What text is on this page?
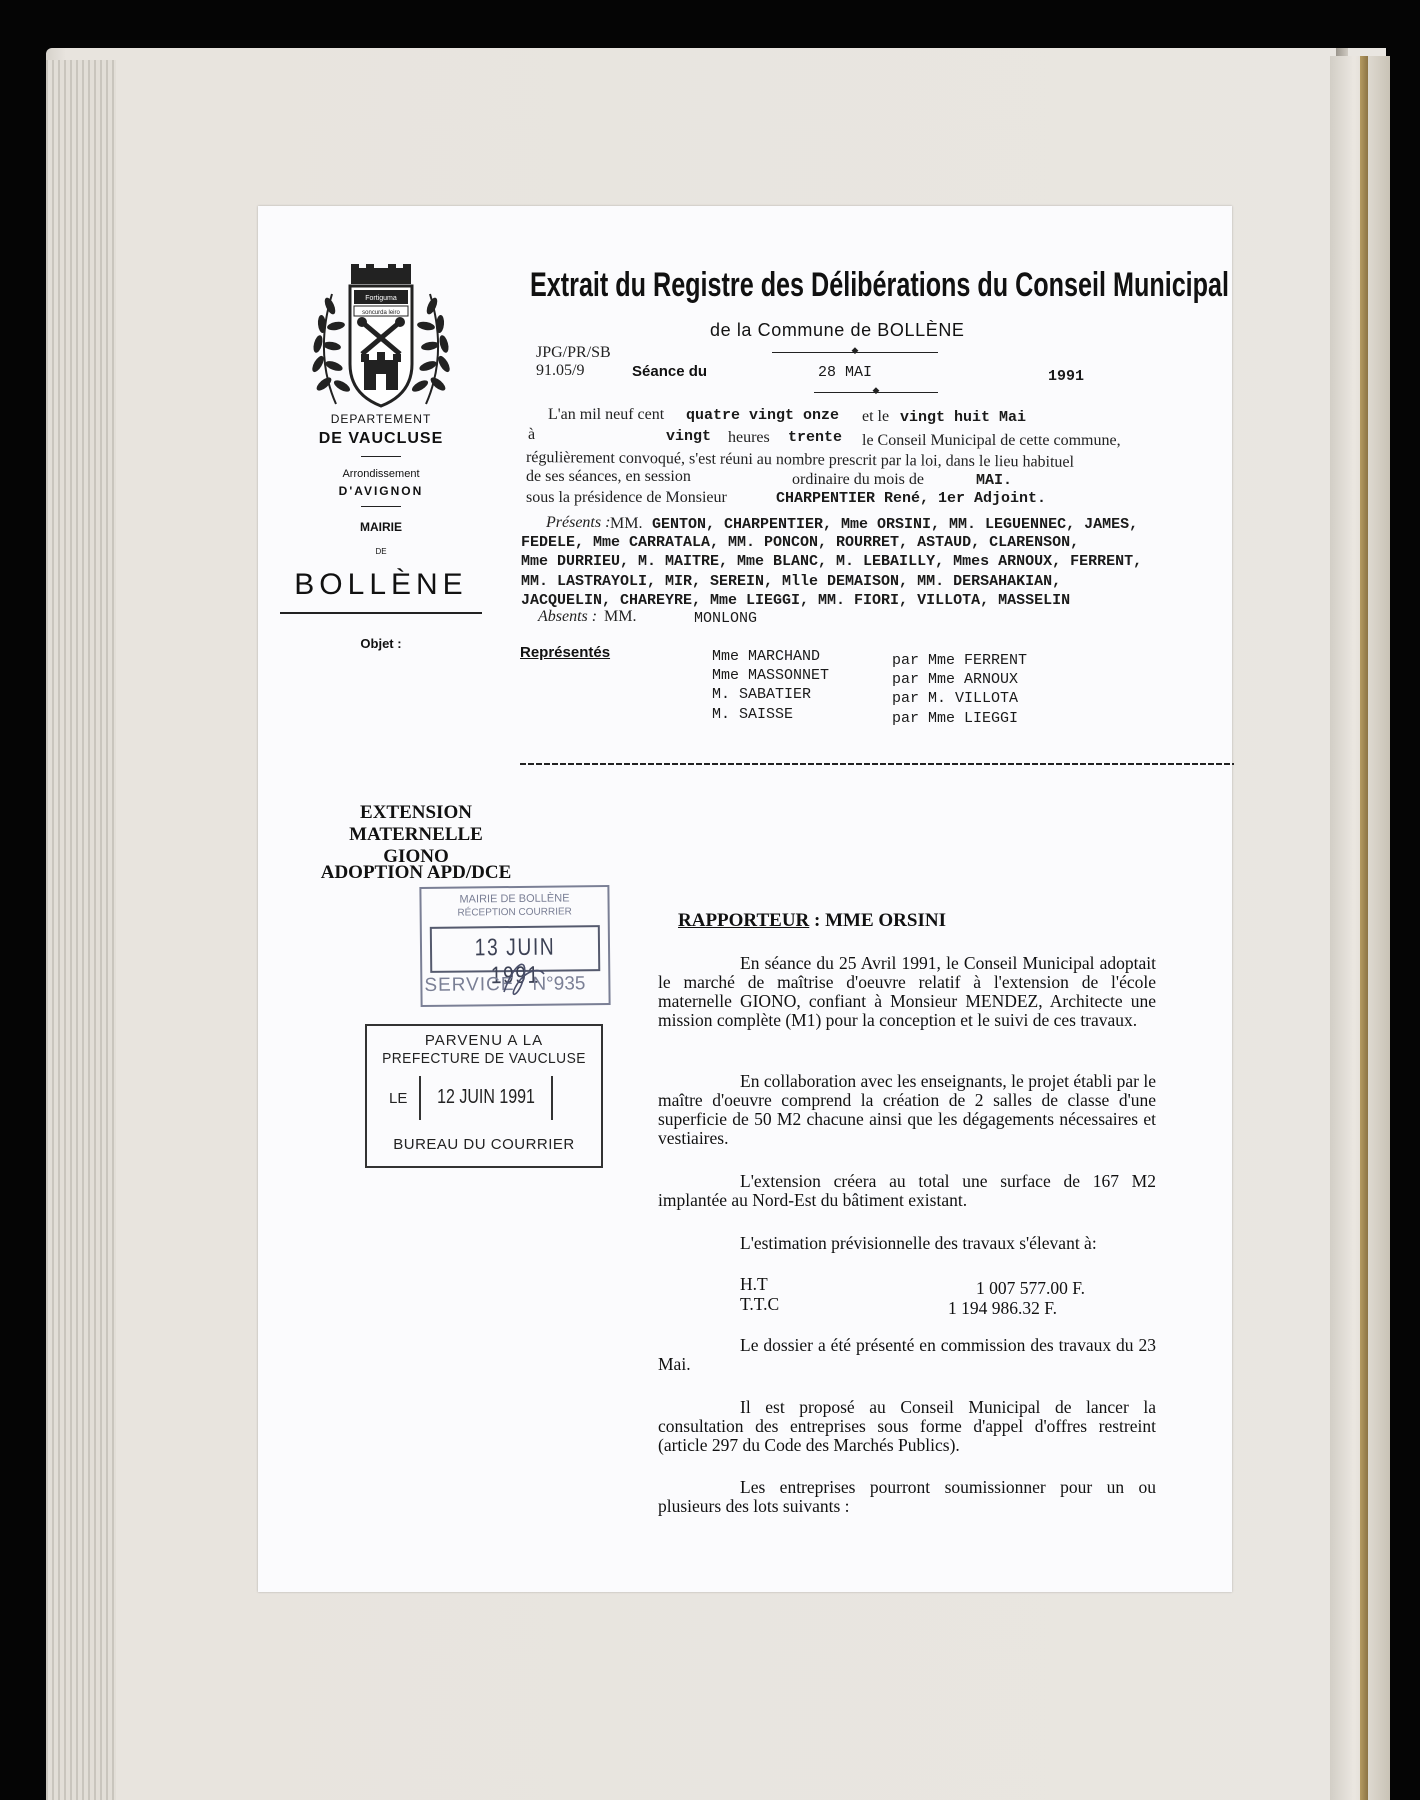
Fortiguma
soncurda leiro
DEPARTEMENT
DE VAUCLUSE
Arrondissement
D'AVIGNON
MAIRIE
DE
BOLLÈNE
Objet :
Extrait du Registre des Délibérations du Conseil Municipal
de la Commune de BOLLÈNE
◆
JPG/PR/SB
91.05/9	Séance du	28 MAI	1991
◆
L'an mil neuf cent quatre vingt onze et le vingt huit Mai
à	vingt heures trente le Conseil Municipal de cette commune,
régulièrement convoqué, s'est réuni au nombre prescrit par la loi, dans le lieu habituel
de ses séances, en session	ordinaire du mois de	MAI.
sous la présidence de Monsieur	CHARPENTIER René, 1er Adjoint.
Présents : MM. GENTON, CHARPENTIER, Mme ORSINI, MM. LEGUENNEC, JAMES,
FEDELE, Mme CARRATALA, MM. PONCON, ROURRET, ASTAUD, CLARENSON,
Mme DURRIEU, M. MAITRE, Mme BLANC, M. LEBAILLY, Mmes ARNOUX, FERRENT,
MM. LASTRAYOLI, MIR, SEREIN, Mlle DEMAISON, MM. DERSAHAKIAN,
JACQUELIN, CHAREYRE, Mme LIEGGI, MM. FIORI, VILLOTA, MASSELIN
Absents : MM.	MONLONG
Représentés	Mme MARCHAND	par Mme FERRENT
Mme MASSONNET	par Mme ARNOUX
M. SABATIER	par M. VILLOTA
M. SAISSE	par Mme LIEGGI
EXTENSION
MATERNELLE GIONO
ADOPTION APD/DCE
MAIRIE DE BOLLÈNE
RÉCEPTION COURRIER
13 JUIN 1991
SERVICE N°935
PARVENU A LA
PREFECTURE DE VAUCLUSE
LE 12 JUIN 1991
BUREAU DU COURRIER
RAPPORTEUR : MME ORSINI
En séance du 25 Avril 1991, le Conseil Municipal adoptait le marché de maîtrise d'oeuvre relatif à l'extension de l'école maternelle GIONO, confiant à Monsieur MENDEZ, Architecte une mission complète (M1) pour la conception et le suivi de ces travaux.
En collaboration avec les enseignants, le projet établi par le maître d'oeuvre comprend la création de 2 salles de classe d'une superficie de 50 M2 chacune ainsi que les dégagements nécessaires et vestiaires.
L'extension créera au total une surface de 167 M2 implantée au Nord-Est du bâtiment existant.
L'estimation prévisionnelle des travaux s'élevant à:
H.T	1 007 577.00 F.
T.T.C	1 194 986.32 F.
Le dossier a été présenté en commission des travaux du 23 Mai.
Il est proposé au Conseil Municipal de lancer la consultation des entreprises sous forme d'appel d'offres restreint (article 297 du Code des Marchés Publics).
Les entreprises pourront soumissionner pour un ou plusieurs des lots suivants :
